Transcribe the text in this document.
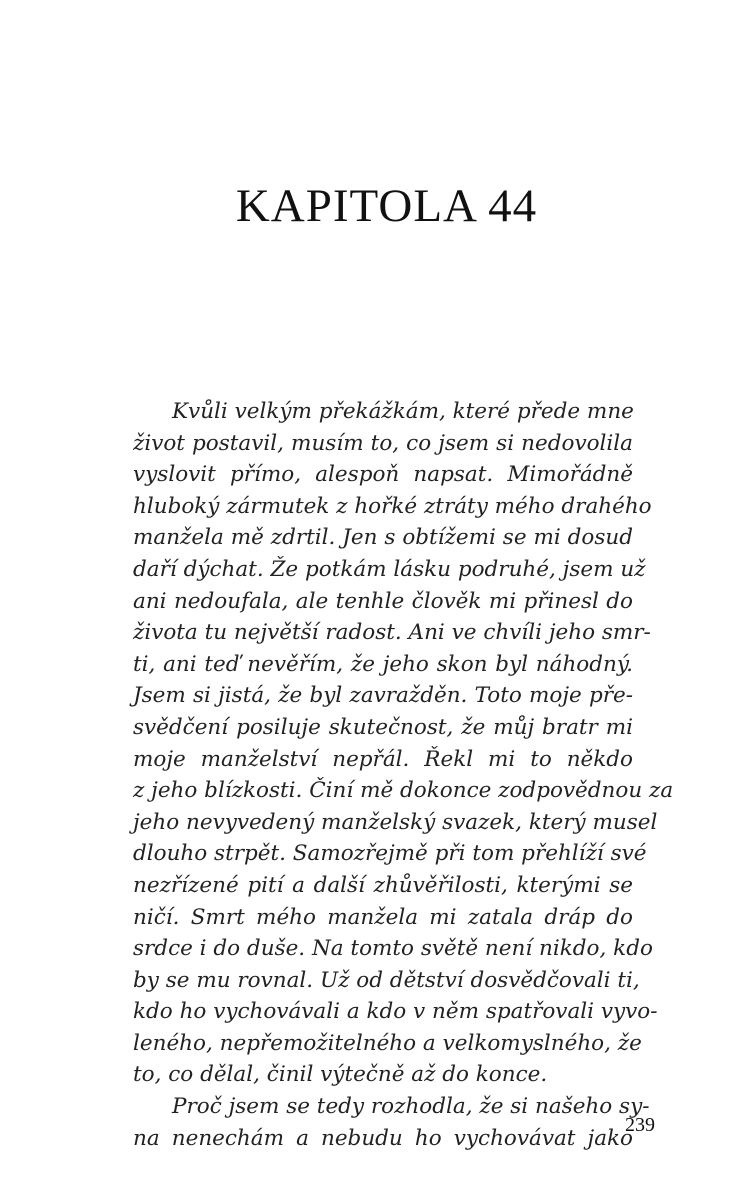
KAPITOLA 44
Kvůli velkým překážkám, které přede mne
život postavil, musím to, co jsem si nedovolila
vyslovit přímo, alespoň napsat. Mimořádně
hluboký zármutek z hořké ztráty mého drahého
manžela mě zdrtil. Jen s obtížemi se mi dosud
daří dýchat. Že potkám lásku podruhé, jsem už
ani nedoufala, ale tenhle člověk mi přinesl do
života tu největší radost. Ani ve chvíli jeho smr-
ti, ani teď nevěřím, že jeho skon byl náhodný.
Jsem si jistá, že byl zavražděn. Toto moje pře-
svědčení posiluje skutečnost, že můj bratr mi
moje manželství nepřál. Řekl mi to někdo
z jeho blízkosti. Činí mě dokonce zodpovědnou za
jeho nevyvedený manželský svazek, který musel
dlouho strpět. Samozřejmě při tom přehlíží své
nezřízené pití a další zhůvěřilosti, kterými se
ničí. Smrt mého manžela mi zatala dráp do
srdce i do duše. Na tomto světě není nikdo, kdo
by se mu rovnal. Už od dětství dosvědčovali ti,
kdo ho vychovávali a kdo v něm spatřovali vyvo-
leného, nepřemožitelného a velkomyslného, že
to, co dělal, činil výtečně až do konce.
Proč jsem se tedy rozhodla, že si našeho sy-
na nenechám a nebudu ho vychovávat jako
239
